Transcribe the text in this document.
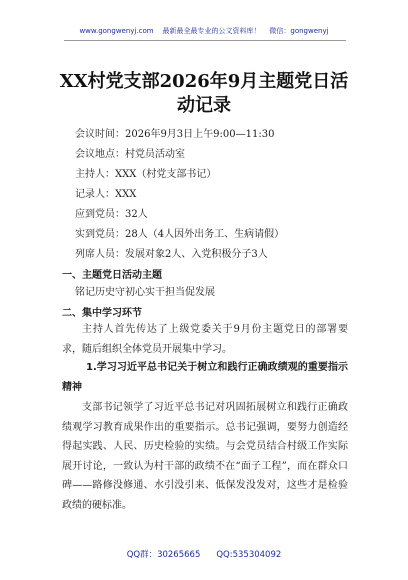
www.gongwenyj.com 最新最全最专业的公文资料库！ 微信：gongwenyj
XX村党支部2026年9月主题党日活动记录
会议时间：2026年9月3日上午9:00—11:30
会议地点：村党员活动室
主持人：XXX（村党支部书记）
记录人：XXX
应到党员：32人
实到党员：28人（4人因外出务工、生病请假）
列席人员：发展对象2人、入党积极分子3人
一、主题党日活动主题
铭记历史守初心实干担当促发展
二、集中学习环节

主持人首先传达了上级党委关于9月份主题党日的部署要求，随后组织全体党员开展集中学习。

1.学习习近平总书记关于树立和践行正确政绩观的重要指示精神

支部书记领学了习近平总书记对巩固拓展树立和践行正确政绩观学习教育成果作出的重要指示。总书记强调，要努力创造经得起实践、人民、历史检验的实绩。与会党员结合村级工作实际展开讨论，一致认为村干部的政绩不在“面子工程”，而在群众口碑——路修没修通、水引没引来、低保发没发对，这些才是检验政绩的硬标准。

QQ群：30265665 QQ:535304092
